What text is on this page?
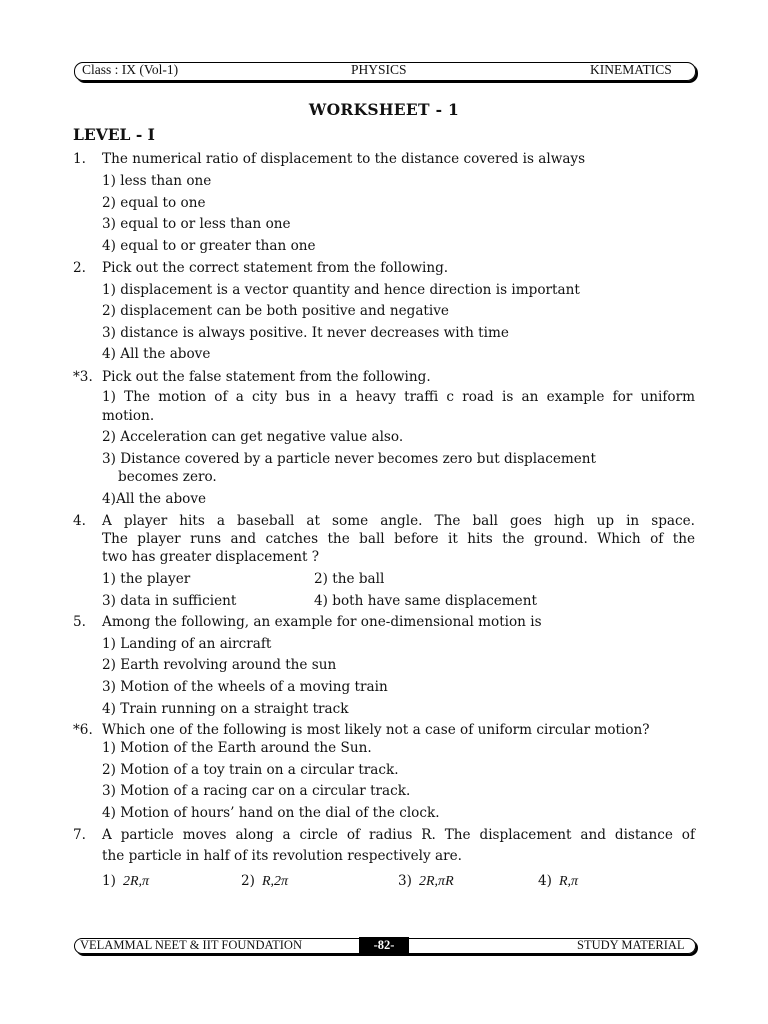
Class : IX (Vol-1)	PHYSICS	KINEMATICS
WORKSHEET - 1
LEVEL - I
1. The numerical ratio of displacement to the distance covered is always
1) less than one
2) equal to one
3) equal to or less than one
4) equal to or greater than one
2. Pick out the correct statement from the following.
1) displacement is a vector quantity and hence direction is important
2) displacement can be both positive and negative
3) distance is always positive. It never decreases with time
4) All the above
*3. Pick out the false statement from the following.
1) The motion of a city bus in a heavy traffi c road is an example for uniform
motion.
2) Acceleration can get negative value also.
3) Distance covered by a particle never becomes zero but displacement
becomes zero.
4)All the above
4. A player hits a baseball at some angle. The ball goes high up in space.
The player runs and catches the ball before it hits the ground. Which of the
two has greater displacement ?
1) the player	2) the ball
3) data in sufficient	4) both have same displacement
5. Among the following, an example for one-dimensional motion is
1) Landing of an aircraft
2) Earth revolving around the sun
3) Motion of the wheels of a moving train
4) Train running on a straight track
*6. Which one of the following is most likely not a case of uniform circular motion?
1) Motion of the Earth around the Sun.
2) Motion of a toy train on a circular track.
3) Motion of a racing car on a circular track.
4) Motion of hours’ hand on the dial of the clock.
7. A particle moves along a circle of radius R. The displacement and distance of
the particle in half of its revolution respectively are.
1) 2R,π	2) R,2π	3) 2R,πR	4) R,π
VELAMMAL NEET & IIT FOUNDATION	-82-	STUDY MATERIAL
